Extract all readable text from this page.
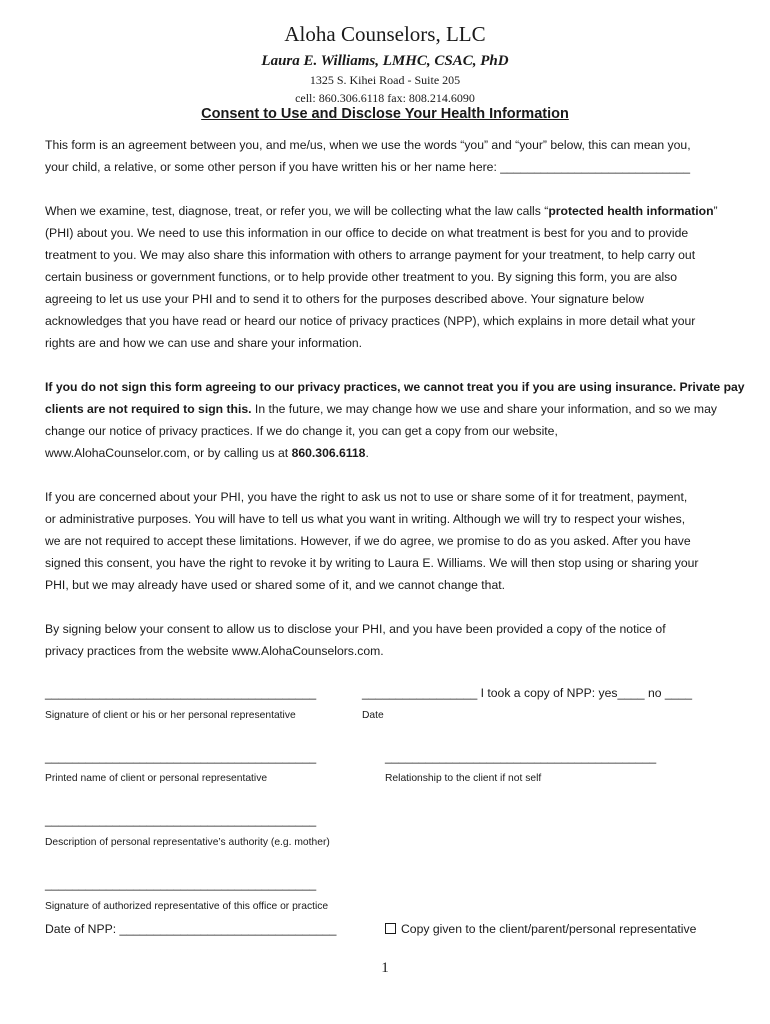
Aloha Counselors, LLC
Laura E. Williams, LMHC, CSAC, PhD
1325 S. Kihei Road - Suite 205
cell: 860.306.6118 fax: 808.214.6090
Consent to Use and Disclose Your Health Information
This form is an agreement between you, and me/us, when we use the words “you” and “your” below, this can mean you,
your child, a relative, or some other person if you have written his or her name here: ____________________________
When we examine, test, diagnose, treat, or refer you, we will be collecting what the law calls “protected health information”
(PHI) about you. We need to use this information in our office to decide on what treatment is best for you and to provide
treatment to you. We may also share this information with others to arrange payment for your treatment, to help carry out
certain business or government functions, or to help provide other treatment to you. By signing this form, you are also
agreeing to let us use your PHI and to send it to others for the purposes described above. Your signature below
acknowledges that you have read or heard our notice of privacy practices (NPP), which explains in more detail what your
rights are and how we can use and share your information.
If you do not sign this form agreeing to our privacy practices, we cannot treat you if you are using insurance. Private pay
clients are not required to sign this. In the future, we may change how we use and share your information, and so we may
change our notice of privacy practices. If we do change it, you can get a copy from our website,
www.AlohaCounselor.com, or by calling us at 860.306.6118.
If you are concerned about your PHI, you have the right to ask us not to use or share some of it for treatment, payment,
or administrative purposes. You will have to tell us what you want in writing. Although we will try to respect your wishes,
we are not required to accept these limitations. However, if we do agree, we promise to do as you asked. After you have
signed this consent, you have the right to revoke it by writing to Laura E. Williams. We will then stop using or sharing your
PHI, but we may already have used or shared some of it, and we cannot change that.
By signing below your consent to allow us to disclose your PHI, and you have been provided a copy of the notice of
privacy practices from the website www.AlohaCounselors.com.
________________________________________	_________________ I took a copy of NPP: yes____ no ____
Signature of client or his or her personal representative	Date
________________________________________	________________________________________
Printed name of client or personal representative	Relationship to the client if not self
________________________________________
Description of personal representative’s authority (e.g. mother)
________________________________________
Signature of authorized representative of this office or practice
Date of NPP: ________________________________	Copy given to the client/parent/personal representative
1
